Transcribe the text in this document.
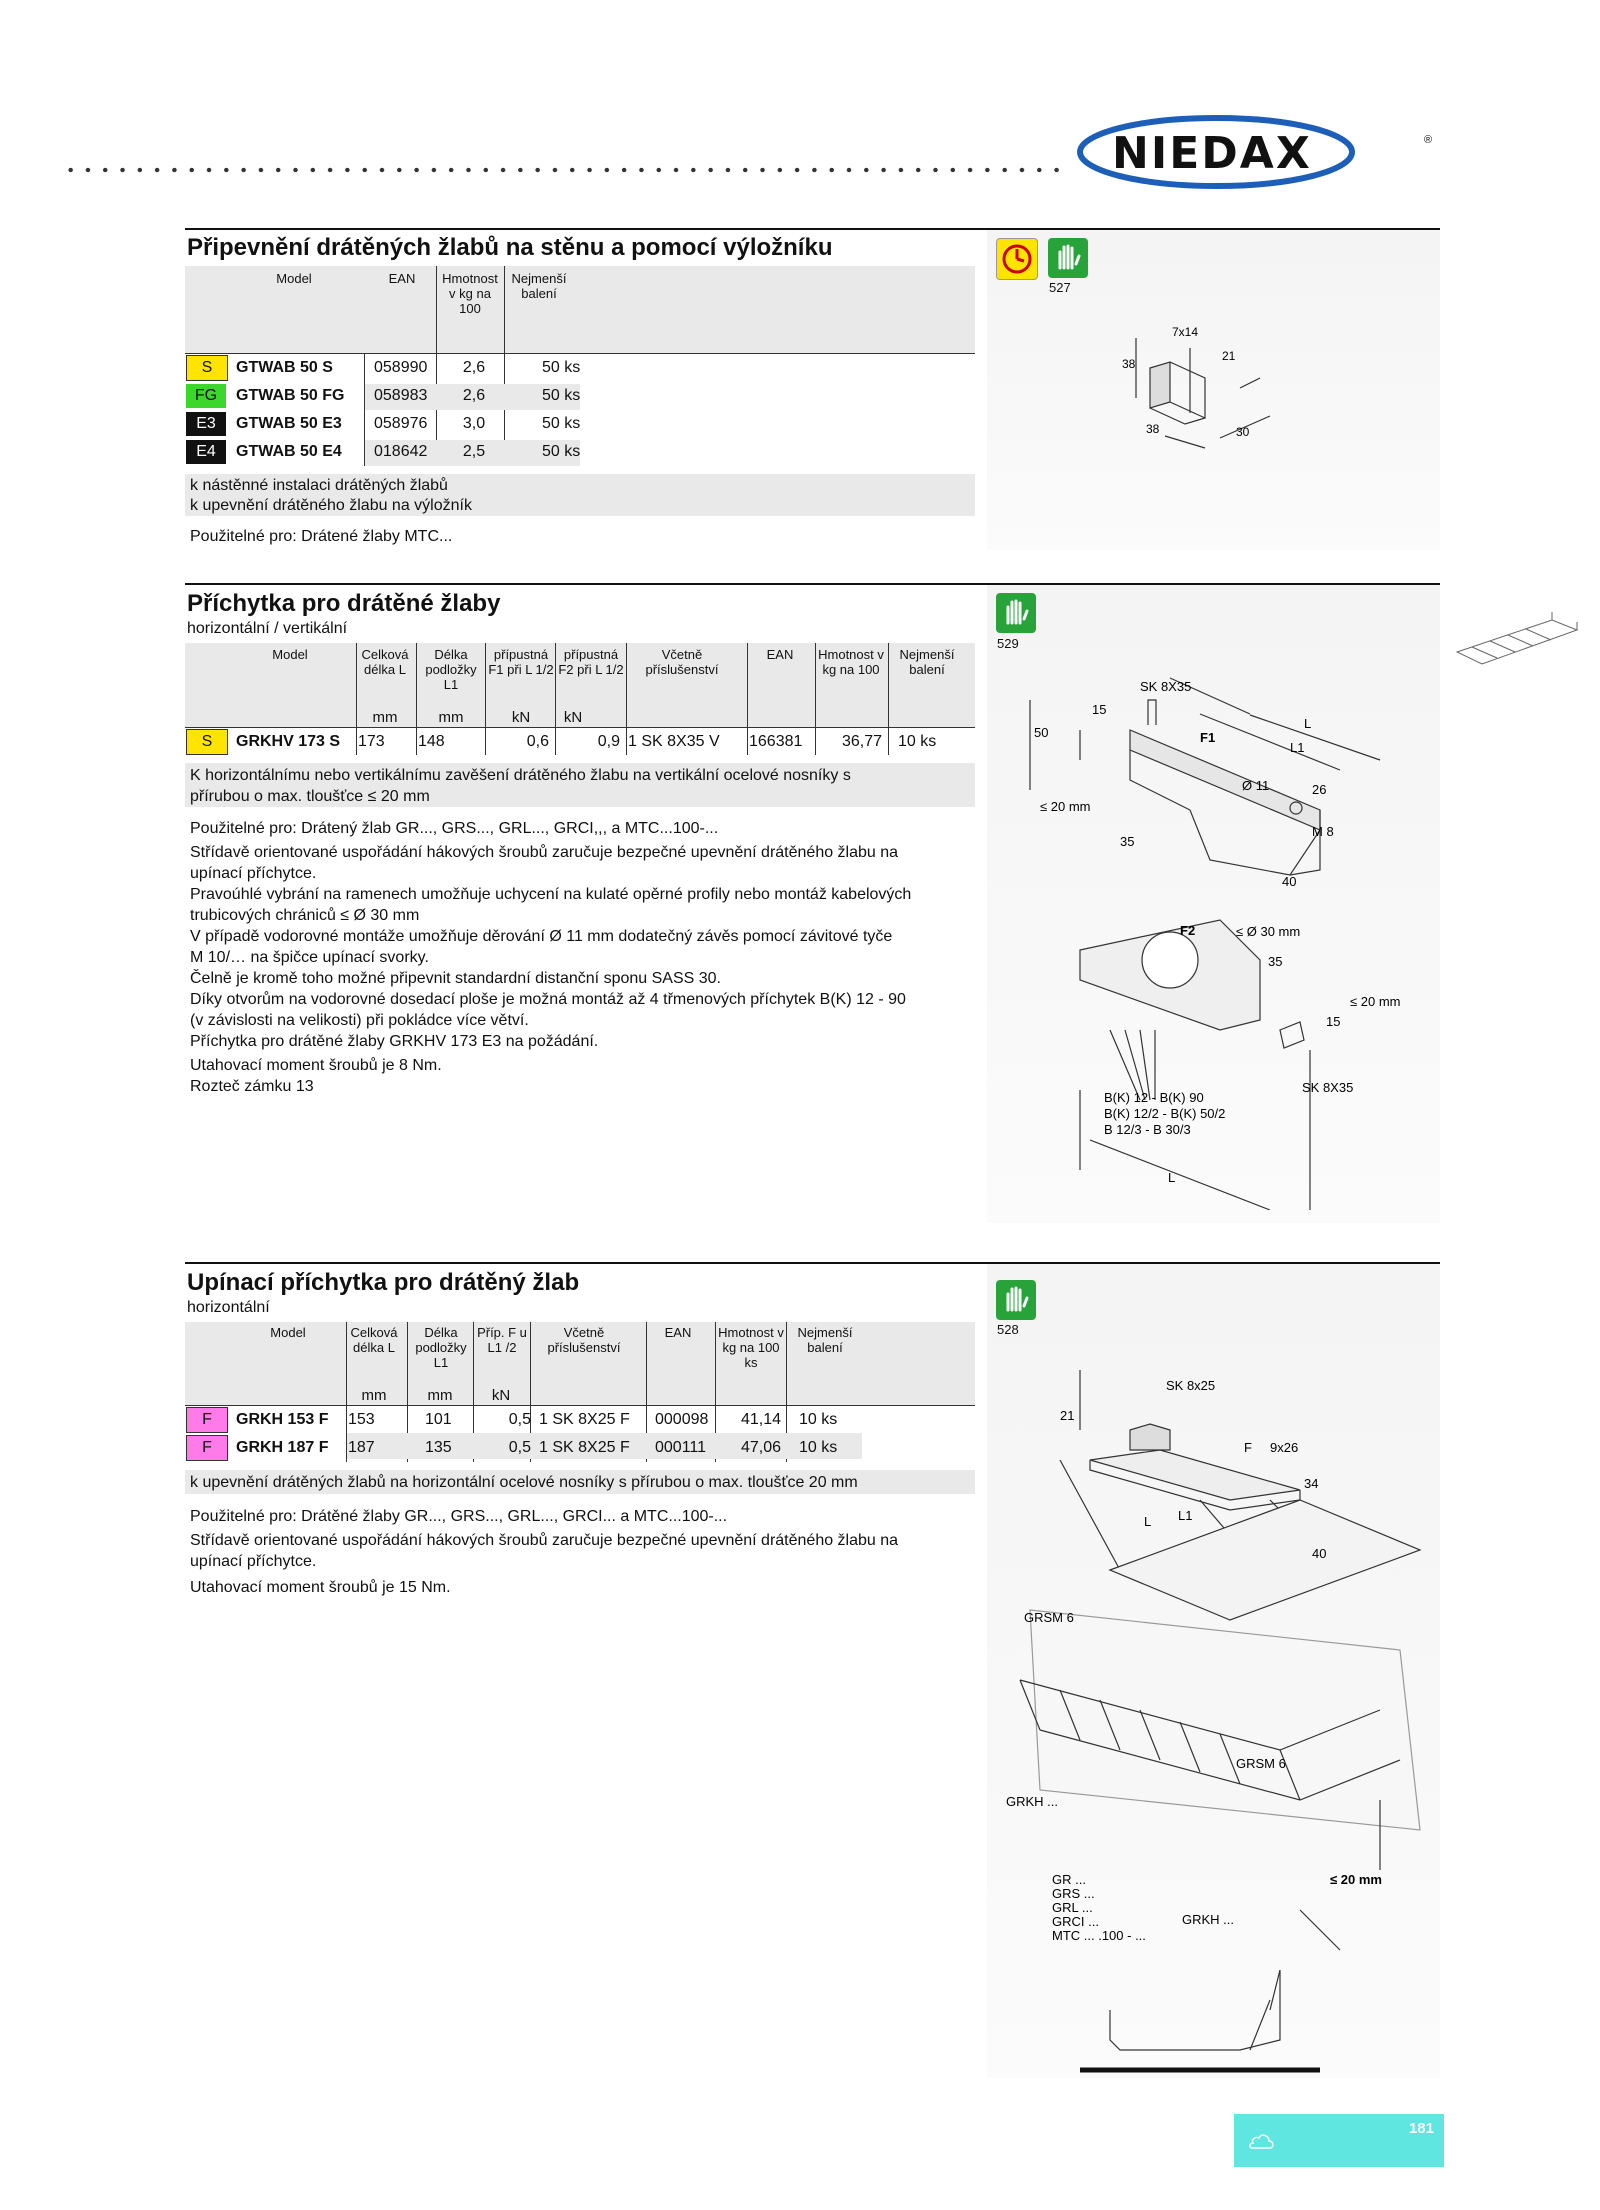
NIEDAX	®
Připevnění drátěných žlabů na stěnu a pomocí výložníku
Model	EAN	Hmotnost v kg na 100
Nejmenší balení
S	GTWAB 50 S	058990	2,6	50 ks
FG	GTWAB 50 FG	058983	2,6	50 ks
E3	GTWAB 50 E3	058976	3,0	50 ks
E4	GTWAB 50 E4	018642	2,5	50 ks
k nástěnné instalaci drátěných žlabů
k upevnění drátěného žlabu na výložník
Použitelné pro: Drátené žlaby MTC...
527
7x14
38
21
38	30
Příchytka pro drátěné žlaby
horizontální / vertikální
Model	Celková délka L
Délka podložky L1
přípustná F1 při L 1/2
přípustná F2 při L 1/2
Včetně příslušenství
EAN	Hmotnost v kg na 100
Nejmenší balení
mm	mm	kN	kN
S	GRKHV 173 S	173	148	0,6	0,9	1 SK 8X35 V	166381	36,77	10 ks
K horizontálnímu nebo vertikálnímu zavěšení drátěného žlabu na vertikální ocelové nosníky s
přírubou o max. tloušťce ≤ 20 mm
Použitelné pro: Drátený žlab GR..., GRS..., GRL..., GRCI,,, a MTC...100-...
Střídavě orientované uspořádání hákových šroubů zaručuje bezpečné upevnění drátěného žlabu na
upínací příchytce.
Pravoúhlé vybrání na ramenech umožňuje uchycení na kulaté opěrné profily nebo montáž kabelových
trubicových chrániců ≤ Ø 30 mm
V případě vodorovné montáže umožňuje děrování Ø 11 mm dodatečný závěs pomocí závitové tyče
M 10/… na špičce upínací svorky.
Čelně je kromě toho možné připevnit standardní distanční sponu SASS 30.
Díky otvorům na vodorovné dosedací ploše je možná montáž až 4 třmenových příchytek B(K) 12 - 90
(v závislosti na velikosti) při pokládce více větví.
Příchytka pro drátěné žlaby GRKHV 173 E3 na požádání.
Utahovací moment šroubů je 8 Nm.
Rozteč zámku 13
529
SK 8X35
15
50	F1
L
L1
Ø 11	26
≤ 20 mm
35
M 8
40
F2	≤ Ø 30 mm
35
≤ 20 mm
15
SK 8X35
B(K) 12 - B(K) 90
B(K) 12/2 - B(K) 50/2
B 12/3 - B 30/3
L
Upínací příchytka pro drátěný žlab
horizontální
Model	Celková délka L
Délka podložky L1
Příp. F u L1 /2
Včetně příslušenství
EAN	Hmotnost v kg na 100 ks
Nejmenší balení
mm	mm	kN
F	GRKH 153 F	153	101	0,5	1 SK 8X25 F	000098	41,14	10 ks
F	GRKH 187 F	187	135	0,5	1 SK 8X25 F	000111	47,06	10 ks
k upevnění drátěných žlabů na horizontální ocelové nosníky s přírubou o max. tloušťce 20 mm
Použitelné pro: Drátěné žlaby GR..., GRS..., GRL..., GRCI... a MTC...100-...
Střídavě orientované uspořádání hákových šroubů zaručuje bezpečné upevnění drátěného žlabu na
upínací příchytce.
Utahovací moment šroubů je 15 Nm.
528
SK 8x25
21
F 9x26
34
L L1
40
GRSM 6
GRSM 6
GRKH ...
GR ...
GRS ...
GRL ...
GRCI ...
MTC ... .100 - ...
GRKH ...
≤ 20 mm
181
